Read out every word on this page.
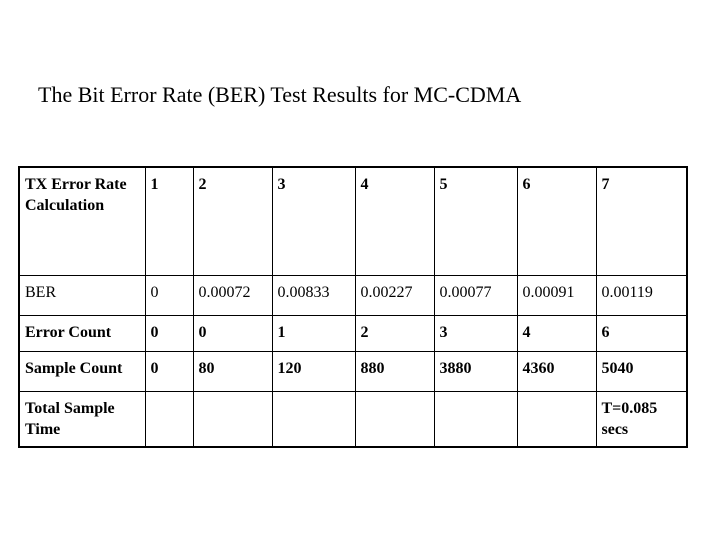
The Bit Error Rate (BER) Test Results for MC-CDMA
TX Error Rate Calculation	1	2	3	4	5	6	7
BER	0	0.00072	0.00833	0.00227	0.00077	0.00091	0.00119
Error Count	0	0	1	2	3	4	6
Sample Count	0	80	120	880	3880	4360	5040
Total Sample Time							T=0.085 secs
